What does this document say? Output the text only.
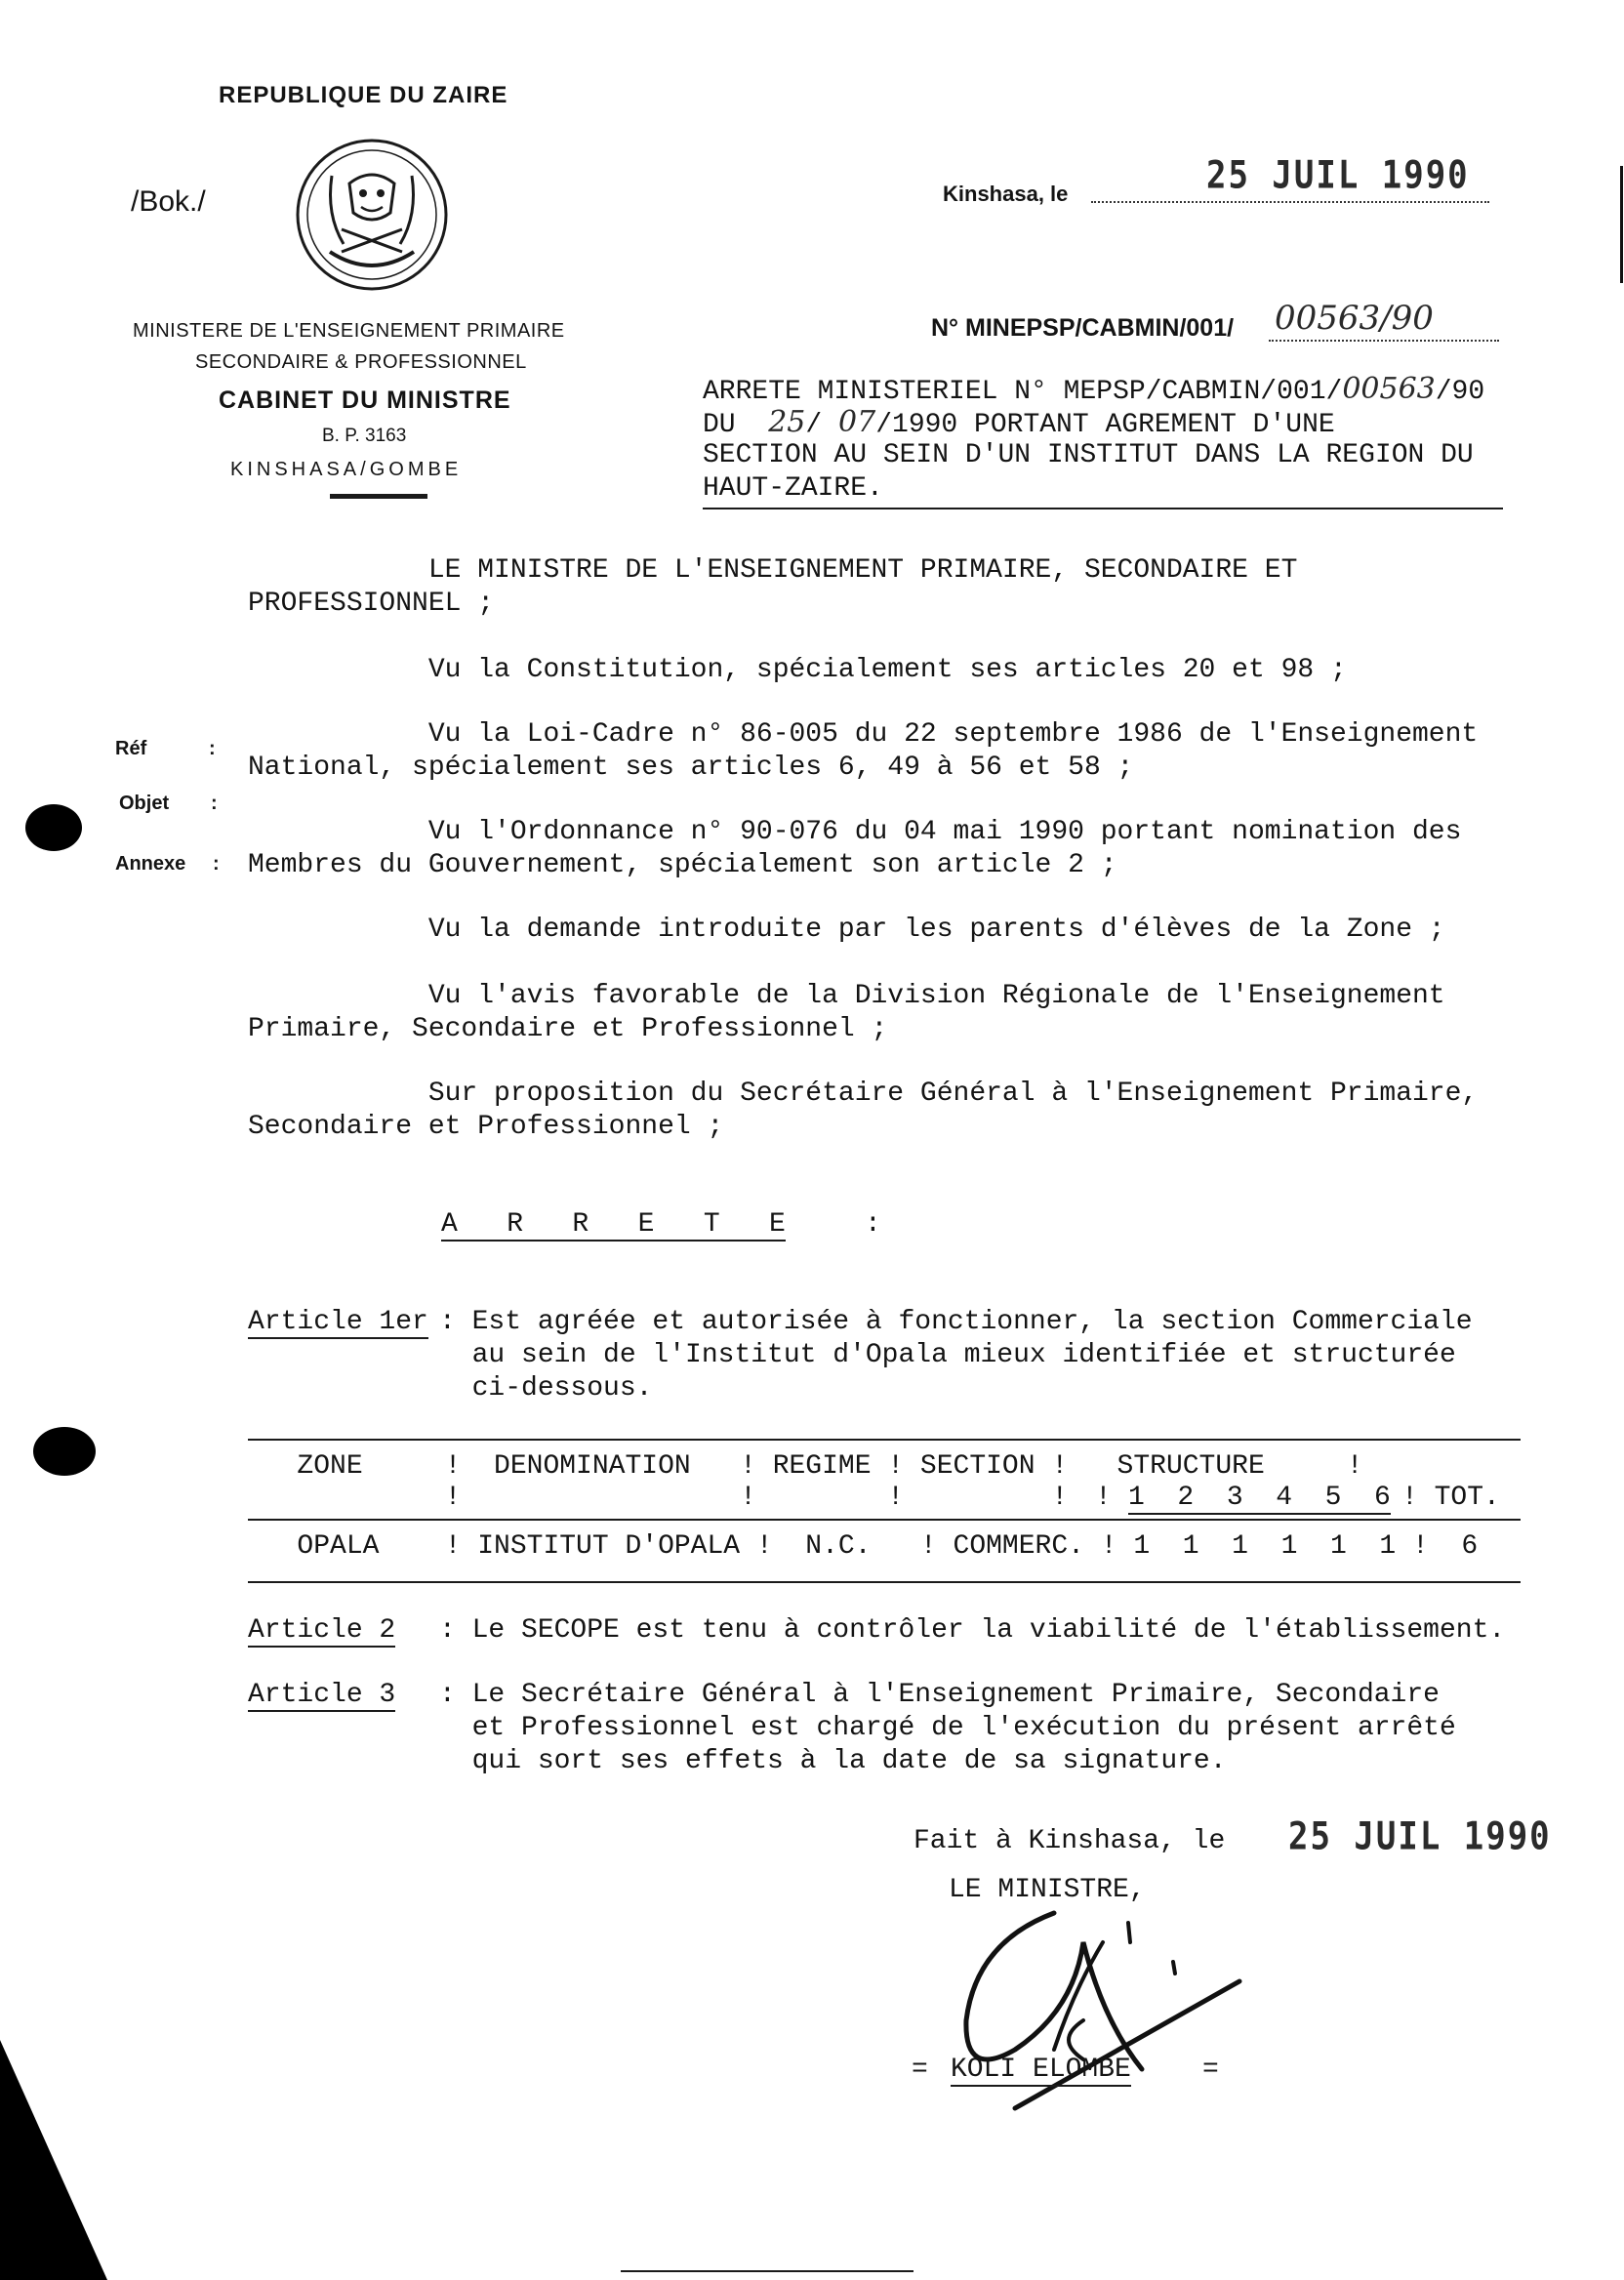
REPUBLIQUE DU ZAIRE
/Bok./
MINISTERE DE L'ENSEIGNEMENT PRIMAIRE
SECONDAIRE & PROFESSIONNEL
CABINET DU MINISTRE
B. P. 3163
KINSHASA/GOMBE
Kinshasa, le	25 JUIL 1990
N° MINEPSP/CABMIN/001/ 00563/90
ARRETE MINISTERIEL N° MEPSP/CABMIN/001/00563/90
DU 25/ 07/1990 PORTANT AGREMENT D'UNE
SECTION AU SEIN D'UN INSTITUT DANS LA REGION DU
HAUT-ZAIRE.
Réf	:
Objet :
Annexe :
LE MINISTRE DE L'ENSEIGNEMENT PRIMAIRE, SECONDAIRE ET
PROFESSIONNEL ;
Vu la Constitution, spécialement ses articles 20 et 98 ;
Vu la Loi-Cadre n° 86-005 du 22 septembre 1986 de l'Enseignement
National, spécialement ses articles 6, 49 à 56 et 58 ;
Vu l'Ordonnance n° 90-076 du 04 mai 1990 portant nomination des
Membres du Gouvernement, spécialement son article 2 ;
Vu la demande introduite par les parents d'élèves de la Zone ;
Vu l'avis favorable de la Division Régionale de l'Enseignement
Primaire, Secondaire et Professionnel ;
Sur proposition du Secrétaire Général à l'Enseignement Primaire,
Secondaire et Professionnel ;
A   R   R   E   T   E	:
Article 1er : Est agréée et autorisée à fonctionner, la section Commerciale
au sein de l'Institut d'Opala mieux identifiée et structurée
ci-dessous.
ZONE     !  DENOMINATION   ! REGIME ! SECTION !   STRUCTURE     !
!                 !        !         ! ! 1  2  3  4  5  6 ! TOT.
OPALA    ! INSTITUT D'OPALA !  N.C.   ! COMMERC. ! 1  1  1  1  1  1 !  6
Article 2 : Le SECOPE est tenu à contrôler la viabilité de l'établissement.
Article 3 : Le Secrétaire Général à l'Enseignement Primaire, Secondaire
et Professionnel est chargé de l'exécution du présent arrêté
qui sort ses effets à la date de sa signature.
Fait à Kinshasa, le 25 JUIL 1990
LE MINISTRE,
= KOLI ELOMBE	=
